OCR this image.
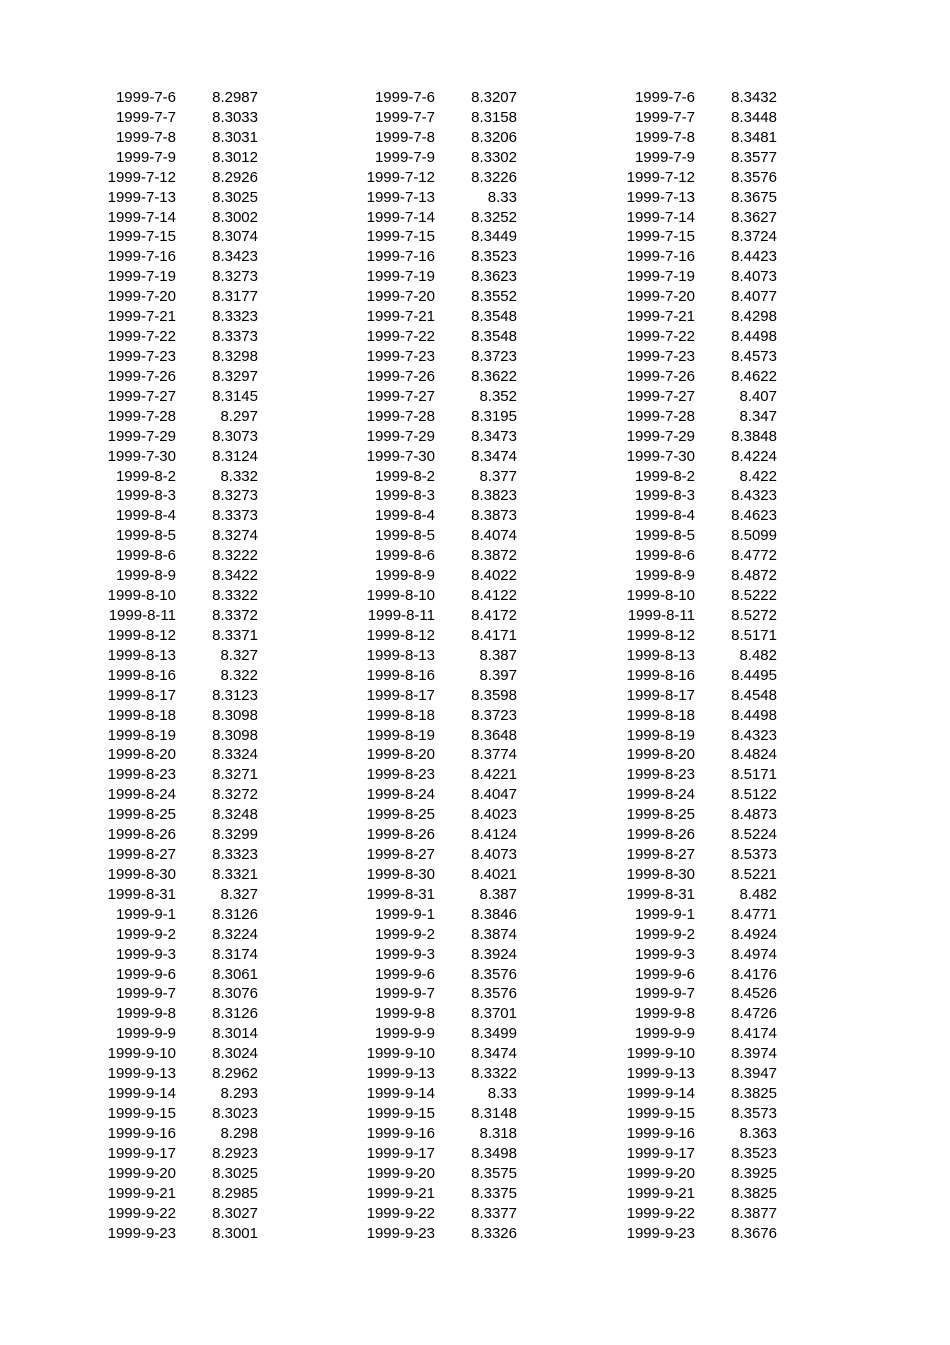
1999-7-6	8.2987
1999-7-7	8.3033
1999-7-8	8.3031
1999-7-9	8.3012
1999-7-12	8.2926
1999-7-13	8.3025
1999-7-14	8.3002
1999-7-15	8.3074
1999-7-16	8.3423
1999-7-19	8.3273
1999-7-20	8.3177
1999-7-21	8.3323
1999-7-22	8.3373
1999-7-23	8.3298
1999-7-26	8.3297
1999-7-27	8.3145
1999-7-28	8.297
1999-7-29	8.3073
1999-7-30	8.3124
1999-8-2	8.332
1999-8-3	8.3273
1999-8-4	8.3373
1999-8-5	8.3274
1999-8-6	8.3222
1999-8-9	8.3422
1999-8-10	8.3322
1999-8-11	8.3372
1999-8-12	8.3371
1999-8-13	8.327
1999-8-16	8.322
1999-8-17	8.3123
1999-8-18	8.3098
1999-8-19	8.3098
1999-8-20	8.3324
1999-8-23	8.3271
1999-8-24	8.3272
1999-8-25	8.3248
1999-8-26	8.3299
1999-8-27	8.3323
1999-8-30	8.3321
1999-8-31	8.327
1999-9-1	8.3126
1999-9-2	8.3224
1999-9-3	8.3174
1999-9-6	8.3061
1999-9-7	8.3076
1999-9-8	8.3126
1999-9-9	8.3014
1999-9-10	8.3024
1999-9-13	8.2962
1999-9-14	8.293
1999-9-15	8.3023
1999-9-16	8.298
1999-9-17	8.2923
1999-9-20	8.3025
1999-9-21	8.2985
1999-9-22	8.3027
1999-9-23	8.3001
1999-7-6	8.3207
1999-7-7	8.3158
1999-7-8	8.3206
1999-7-9	8.3302
1999-7-12	8.3226
1999-7-13	8.33
1999-7-14	8.3252
1999-7-15	8.3449
1999-7-16	8.3523
1999-7-19	8.3623
1999-7-20	8.3552
1999-7-21	8.3548
1999-7-22	8.3548
1999-7-23	8.3723
1999-7-26	8.3622
1999-7-27	8.352
1999-7-28	8.3195
1999-7-29	8.3473
1999-7-30	8.3474
1999-8-2	8.377
1999-8-3	8.3823
1999-8-4	8.3873
1999-8-5	8.4074
1999-8-6	8.3872
1999-8-9	8.4022
1999-8-10	8.4122
1999-8-11	8.4172
1999-8-12	8.4171
1999-8-13	8.387
1999-8-16	8.397
1999-8-17	8.3598
1999-8-18	8.3723
1999-8-19	8.3648
1999-8-20	8.3774
1999-8-23	8.4221
1999-8-24	8.4047
1999-8-25	8.4023
1999-8-26	8.4124
1999-8-27	8.4073
1999-8-30	8.4021
1999-8-31	8.387
1999-9-1	8.3846
1999-9-2	8.3874
1999-9-3	8.3924
1999-9-6	8.3576
1999-9-7	8.3576
1999-9-8	8.3701
1999-9-9	8.3499
1999-9-10	8.3474
1999-9-13	8.3322
1999-9-14	8.33
1999-9-15	8.3148
1999-9-16	8.318
1999-9-17	8.3498
1999-9-20	8.3575
1999-9-21	8.3375
1999-9-22	8.3377
1999-9-23	8.3326
1999-7-6	8.3432
1999-7-7	8.3448
1999-7-8	8.3481
1999-7-9	8.3577
1999-7-12	8.3576
1999-7-13	8.3675
1999-7-14	8.3627
1999-7-15	8.3724
1999-7-16	8.4423
1999-7-19	8.4073
1999-7-20	8.4077
1999-7-21	8.4298
1999-7-22	8.4498
1999-7-23	8.4573
1999-7-26	8.4622
1999-7-27	8.407
1999-7-28	8.347
1999-7-29	8.3848
1999-7-30	8.4224
1999-8-2	8.422
1999-8-3	8.4323
1999-8-4	8.4623
1999-8-5	8.5099
1999-8-6	8.4772
1999-8-9	8.4872
1999-8-10	8.5222
1999-8-11	8.5272
1999-8-12	8.5171
1999-8-13	8.482
1999-8-16	8.4495
1999-8-17	8.4548
1999-8-18	8.4498
1999-8-19	8.4323
1999-8-20	8.4824
1999-8-23	8.5171
1999-8-24	8.5122
1999-8-25	8.4873
1999-8-26	8.5224
1999-8-27	8.5373
1999-8-30	8.5221
1999-8-31	8.482
1999-9-1	8.4771
1999-9-2	8.4924
1999-9-3	8.4974
1999-9-6	8.4176
1999-9-7	8.4526
1999-9-8	8.4726
1999-9-9	8.4174
1999-9-10	8.3974
1999-9-13	8.3947
1999-9-14	8.3825
1999-9-15	8.3573
1999-9-16	8.363
1999-9-17	8.3523
1999-9-20	8.3925
1999-9-21	8.3825
1999-9-22	8.3877
1999-9-23	8.3676
